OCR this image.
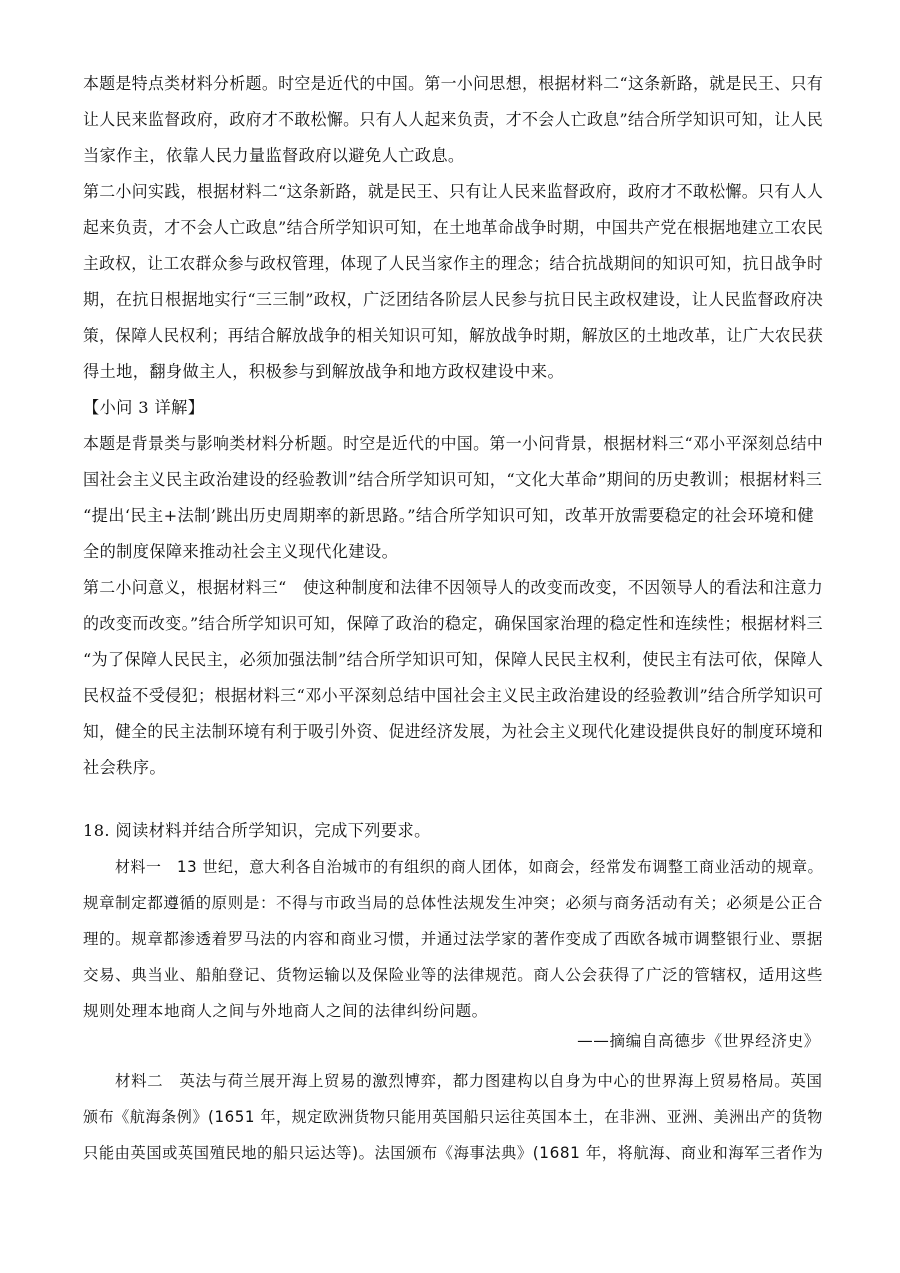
本题是特点类材料分析题。时空是近代的中国。第一小问思想，根据材料二“这条新路，就是民王、只有
让人民来监督政府，政府才不敢松懈。只有人人起来负责，才不会人亡政息”结合所学知识可知，让人民
当家作主，依靠人民力量监督政府以避免人亡政息。
第二小问实践，根据材料二“这条新路，就是民王、只有让人民来监督政府，政府才不敢松懈。只有人人
起来负责，才不会人亡政息”结合所学知识可知，在土地革命战争时期，中国共产党在根据地建立工农民
主政权，让工农群众参与政权管理，体现了人民当家作主的理念；结合抗战期间的知识可知，抗日战争时
期，在抗日根据地实行“三三制”政权，广泛团结各阶层人民参与抗日民主政权建设，让人民监督政府决
策，保障人民权利；再结合解放战争的相关知识可知，解放战争时期，解放区的土地改革，让广大农民获
得土地，翻身做主人，积极参与到解放战争和地方政权建设中来。
【小问 3 详解】
本题是背景类与影响类材料分析题。时空是近代的中国。第一小问背景，根据材料三“邓小平深刻总结中
国社会主义民主政治建设的经验教训”结合所学知识可知，“文化大革命”期间的历史教训；根据材料三
“提出‘民主+法制’跳出历史周期率的新思路。”结合所学知识可知，改革开放需要稳定的社会环境和健
全的制度保障来推动社会主义现代化建设。
第二小问意义，根据材料三“　使这种制度和法律不因领导人的改变而改变，不因领导人的看法和注意力
的改变而改变。”结合所学知识可知，保障了政治的稳定，确保国家治理的稳定性和连续性；根据材料三
“为了保障人民民主，必须加强法制”结合所学知识可知，保障人民民主权利，使民主有法可依，保障人
民权益不受侵犯；根据材料三“邓小平深刻总结中国社会主义民主政治建设的经验教训”结合所学知识可
知，健全的民主法制环境有利于吸引外资、促进经济发展，为社会主义现代化建设提供良好的制度环境和
社会秩序。
18. 阅读材料并结合所学知识，完成下列要求。
材料一　13 世纪，意大利各自治城市的有组织的商人团体，如商会，经常发布调整工商业活动的规章。
规章制定都遵循的原则是：不得与市政当局的总体性法规发生冲突；必须与商务活动有关；必须是公正合
理的。规章都渗透着罗马法的内容和商业习惯，并通过法学家的著作变成了西欧各城市调整银行业、票据
交易、典当业、船舶登记、货物运输以及保险业等的法律规范。商人公会获得了广泛的管辖权，适用这些
规则处理本地商人之间与外地商人之间的法律纠纷问题。
——摘编自高德步《世界经济史》
材料二　英法与荷兰展开海上贸易的激烈博弈，都力图建构以自身为中心的世界海上贸易格局。英国
颁布《航海条例》(1651 年，规定欧洲货物只能用英国船只运往英国本土，在非洲、亚洲、美洲出产的货物
只能由英国或英国殖民地的船只运达等)。法国颁布《海事法典》(1681 年，将航海、商业和海军三者作为
